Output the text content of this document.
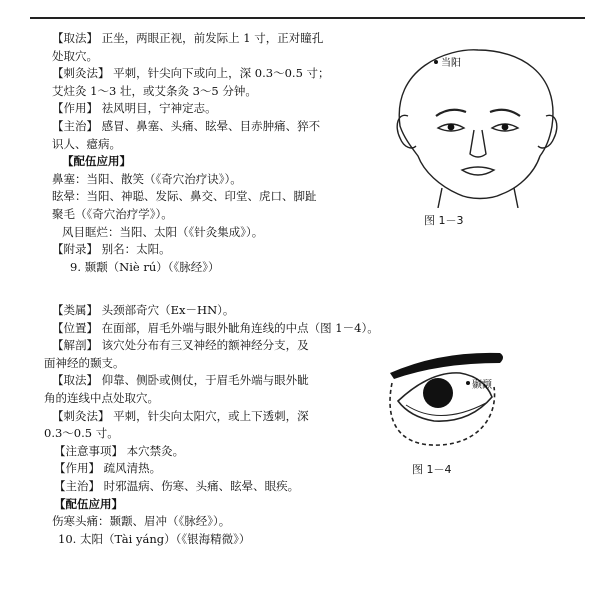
【取法】 正坐，两眼正视，前发际上 1 寸，正对瞳孔

处取穴。

【刺灸法】 平刺，针尖向下或向上，深 0.3～0.5 寸；

艾炷灸 1～3 壮，或艾条灸 3～5 分钟。

【作用】 祛风明目，宁神定志。

【主治】 感冒、鼻塞、头痛、眩晕、目赤肿痛、猝不

识人、癔病。

【配伍应用】

鼻塞：当阳、散笑（《奇穴治疗诀》）。

眩晕：当阳、神聪、发际、鼻交、印堂、虎口、脚趾

聚毛（《奇穴治疗学》）。

风目眶烂：当阳、太阳（《针灸集成》）。

【附录】 别名：太阳。

9. 颞颥（Niè rú）（《脉经》）

【类属】 头颈部奇穴（Ex－HN）。

【位置】 在面部，眉毛外端与眼外眦角连线的中点（图 1－4）。

【解剖】 该穴处分布有三叉神经的额神经分支，及

面神经的颞支。

【取法】 仰靠、侧卧或侧仗，于眉毛外端与眼外眦

角的连线中点处取穴。

【刺灸法】 平刺，针尖向太阳穴，或上下透刺，深

0.3～0.5 寸。

【注意事项】 本穴禁灸。

【作用】 疏风清热。

【主治】 时邪温病、伤寒、头痛、眩晕、眼疾。

【配伍应用】

伤寒头痛：颞颥、眉冲（《脉经》）。

10. 太阳（Tài yáng）（《银海精微》）

当阳
图 1－3
颞颥
图 1－4
